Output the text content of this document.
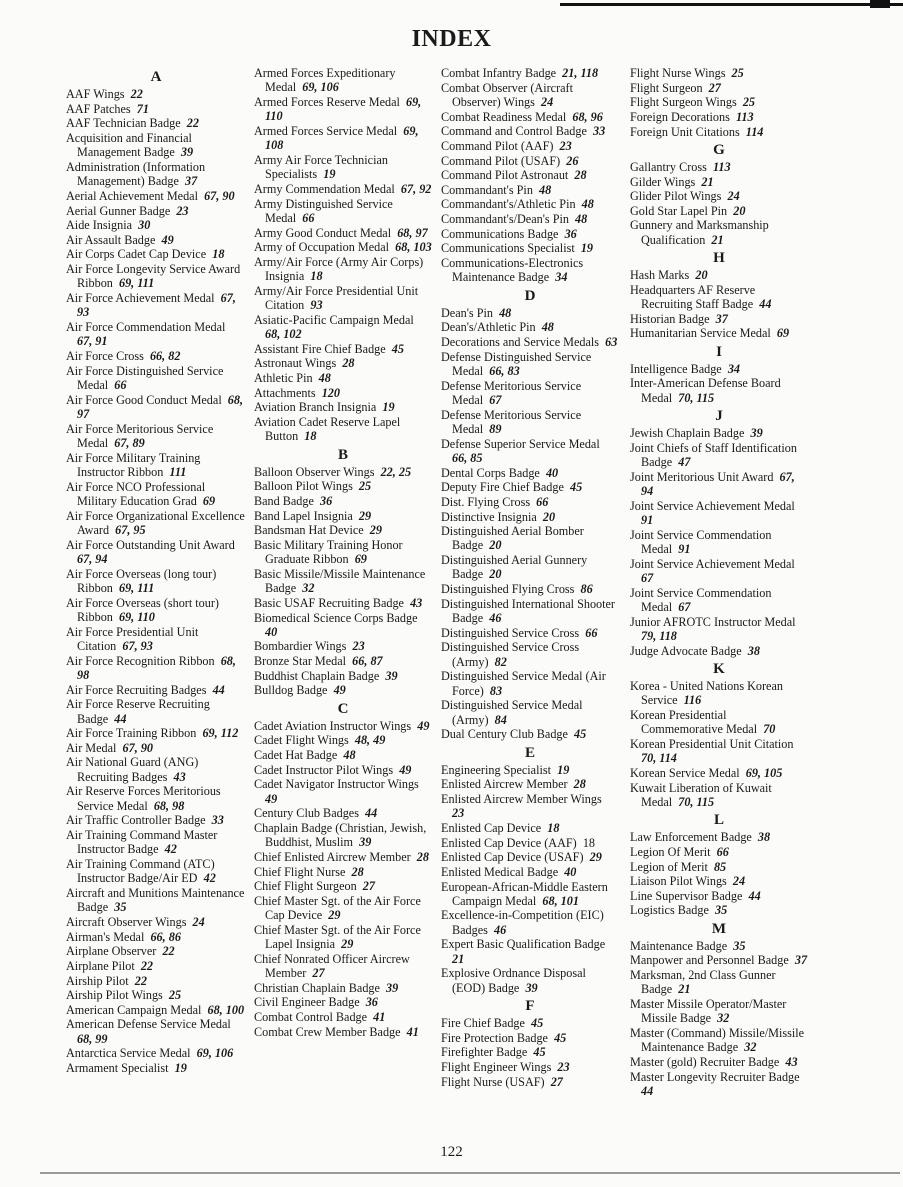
INDEX
A
AAF Wings  22
AAF Patches  71
AAF Technician Badge  22
Acquisition and Financial Management Badge  39
Administration (Information Management) Badge  37
Aerial Achievement Medal  67, 90
Aerial Gunner Badge  23
Aide Insignia  30
Air Assault Badge  49
Air Corps Cadet Cap Device  18
Air Force Longevity Service Award Ribbon  69, 111
Air Force Achievement Medal  67, 93
Air Force Commendation Medal 67, 91
Air Force Cross  66, 82
Air Force Distinguished Service Medal  66
Air Force Good Conduct Medal  68, 97
Air Force Meritorious Service Medal  67, 89
Air Force Military Training Instructor Ribbon  111
Air Force NCO Professional Military Education Grad  69
Air Force Organizational Excellence Award  67, 95
Air Force Outstanding Unit Award 67, 94
Air Force Overseas (long tour) Ribbon  69, 111
Air Force Overseas (short tour) Ribbon  69, 110
Air Force Presidential Unit Citation  67, 93
Air Force Recognition Ribbon  68, 98
Air Force Recruiting Badges  44
Air Force Reserve Recruiting Badge  44
Air Force Training Ribbon  69, 112
Air Medal  67, 90
Air National Guard (ANG) Recruiting Badges  43
Air Reserve Forces Meritorious Service Medal  68, 98
Air Traffic Controller Badge  33
Air Training Command Master Instructor Badge  42
Air Training Command (ATC) Instructor Badge/Air ED  42
Aircraft and Munitions Maintenance Badge  35
Aircraft Observer Wings  24
Airman's Medal  66, 86
Airplane Observer  22
Airplane Pilot  22
Airship Pilot  22
Airship Pilot Wings  25
American Campaign Medal  68, 100
American Defense Service Medal 68, 99
Antarctica Service Medal  69, 106
Armament Specialist  19
Armed Forces Expeditionary Medal  69, 106
Armed Forces Reserve Medal  69, 110
Armed Forces Service Medal  69, 108
Army Air Force Technician Specialists  19
Army Commendation Medal  67, 92
Army Distinguished Service Medal  66
Army Good Conduct Medal  68, 97
Army of Occupation Medal  68, 103
Army/Air Force (Army Air Corps) Insignia  18
Army/Air Force Presidential Unit Citation  93
Asiatic-Pacific Campaign Medal 68, 102
Assistant Fire Chief Badge  45
Astronaut Wings  28
Athletic Pin  48
Attachments  120
Aviation Branch Insignia  19
Aviation Cadet Reserve Lapel Button  18
B
Balloon Observer Wings  22, 25
Balloon Pilot Wings  25
Band Badge  36
Band Lapel Insignia  29
Bandsman Hat Device  29
Basic Military Training Honor Graduate Ribbon  69
Basic Missile/Missile Maintenance Badge  32
Basic USAF Recruiting Badge  43
Biomedical Science Corps Badge 40
Bombardier Wings  23
Bronze Star Medal  66, 87
Buddhist Chaplain Badge  39
Bulldog Badge  49
C
Cadet Aviation Instructor Wings  49
Cadet Flight Wings  48, 49
Cadet Hat Badge  48
Cadet Instructor Pilot Wings  49
Cadet Navigator Instructor Wings 49
Century Club Badges  44
Chaplain Badge (Christian, Jewish, Buddhist, Muslim  39
Chief Enlisted Aircrew Member  28
Chief Flight Nurse  28
Chief Flight Surgeon  27
Chief Master Sgt. of the Air Force Cap Device  29
Chief Master Sgt. of the Air Force Lapel Insignia  29
Chief Nonrated Officer Aircrew Member  27
Christian Chaplain Badge  39
Civil Engineer Badge  36
Combat Control Badge  41
Combat Crew Member Badge  41
Combat Infantry Badge  21, 118
Combat Observer (Aircraft Observer) Wings  24
Combat Readiness Medal  68, 96
Command and Control Badge  33
Command Pilot (AAF)  23
Command Pilot (USAF)  26
Command Pilot Astronaut  28
Commandant's Pin  48
Commandant's/Athletic Pin  48
Commandant's/Dean's Pin  48
Communications Badge  36
Communications Specialist  19
Communications-Electronics Maintenance Badge  34
D
Dean's Pin  48
Dean's/Athletic Pin  48
Decorations and Service Medals  63
Defense Distinguished Service Medal  66, 83
Defense Meritorious Service Medal  67
Defense Meritorious Service Medal  89
Defense Superior Service Medal 66, 85
Dental Corps Badge  40
Deputy Fire Chief Badge  45
Dist. Flying Cross  66
Distinctive Insignia  20
Distinguished Aerial Bomber Badge  20
Distinguished Aerial Gunnery Badge  20
Distinguished Flying Cross  86
Distinguished International Shooter Badge  46
Distinguished Service Cross  66
Distinguished Service Cross (Army)  82
Distinguished Service Medal (Air Force)  83
Distinguished Service Medal (Army)  84
Dual Century Club Badge  45
E
Engineering Specialist  19
Enlisted Aircrew Member  28
Enlisted Aircrew Member Wings 23
Enlisted Cap Device  18
Enlisted Cap Device (AAF)  18
Enlisted Cap Device (USAF)  29
Enlisted Medical Badge  40
European-African-Middle Eastern Campaign Medal  68, 101
Excellence-in-Competition (EIC) Badges  46
Expert Basic Qualification Badge 21
Explosive Ordnance Disposal (EOD) Badge  39
F
Fire Chief Badge  45
Fire Protection Badge  45
Firefighter Badge  45
Flight Engineer Wings  23
Flight Nurse (USAF)  27
Flight Nurse Wings  25
Flight Surgeon  27
Flight Surgeon Wings  25
Foreign Decorations  113
Foreign Unit Citations  114
G
Gallantry Cross  113
Gilder Wings  21
Glider Pilot Wings  24
Gold Star Lapel Pin  20
Gunnery and Marksmanship Qualification  21
H
Hash Marks  20
Headquarters AF Reserve Recruiting Staff Badge  44
Historian Badge  37
Humanitarian Service Medal  69
I
Intelligence Badge  34
Inter-American Defense Board Medal  70, 115
J
Jewish Chaplain Badge  39
Joint Chiefs of Staff Identification Badge  47
Joint Meritorious Unit Award  67, 94
Joint Service Achievement Medal 91
Joint Service Commendation Medal  91
Joint Service Achievement Medal 67
Joint Service Commendation Medal  67
Junior AFROTC Instructor Medal 79, 118
Judge Advocate Badge  38
K
Korea - United Nations Korean Service  116
Korean Presidential Commemorative Medal  70
Korean Presidential Unit Citation 70, 114
Korean Service Medal  69, 105
Kuwait Liberation of Kuwait Medal  70, 115
L
Law Enforcement Badge  38
Legion Of Merit  66
Legion of Merit  85
Liaison Pilot Wings  24
Line Supervisor Badge  44
Logistics Badge  35
M
Maintenance Badge  35
Manpower and Personnel Badge  37
Marksman, 2nd Class Gunner Badge  21
Master Missile Operator/Master Missile Badge  32
Master (Command) Missile/Missile Maintenance Badge  32
Master (gold) Recruiter Badge  43
Master Longevity Recruiter Badge 44
122
